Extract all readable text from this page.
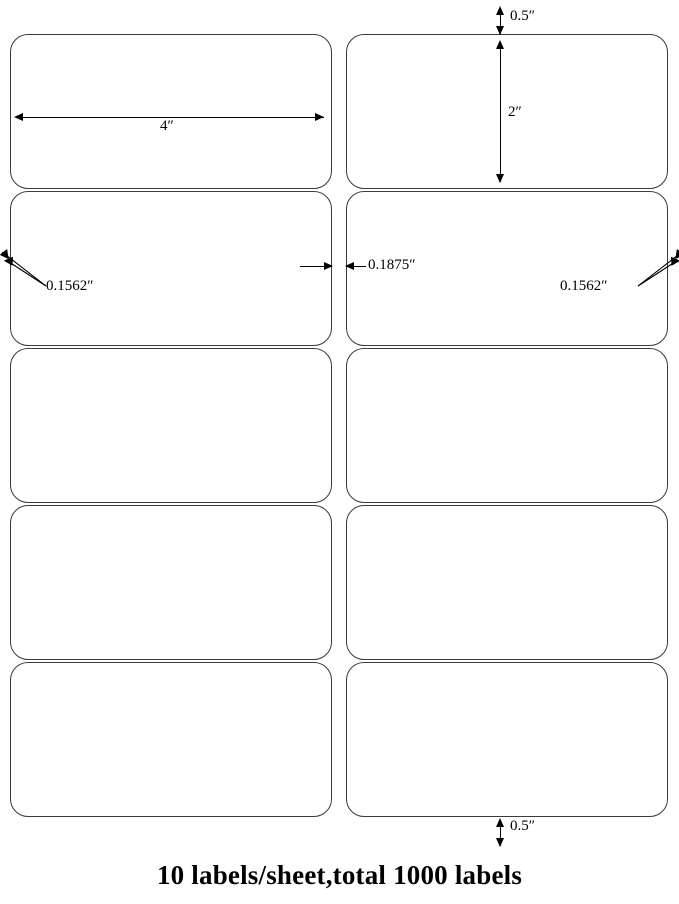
0.5″
4″
2″
0.1562″
0.1875″
0.1562″
0.5″
10 labels/sheet,total 1000 labels
